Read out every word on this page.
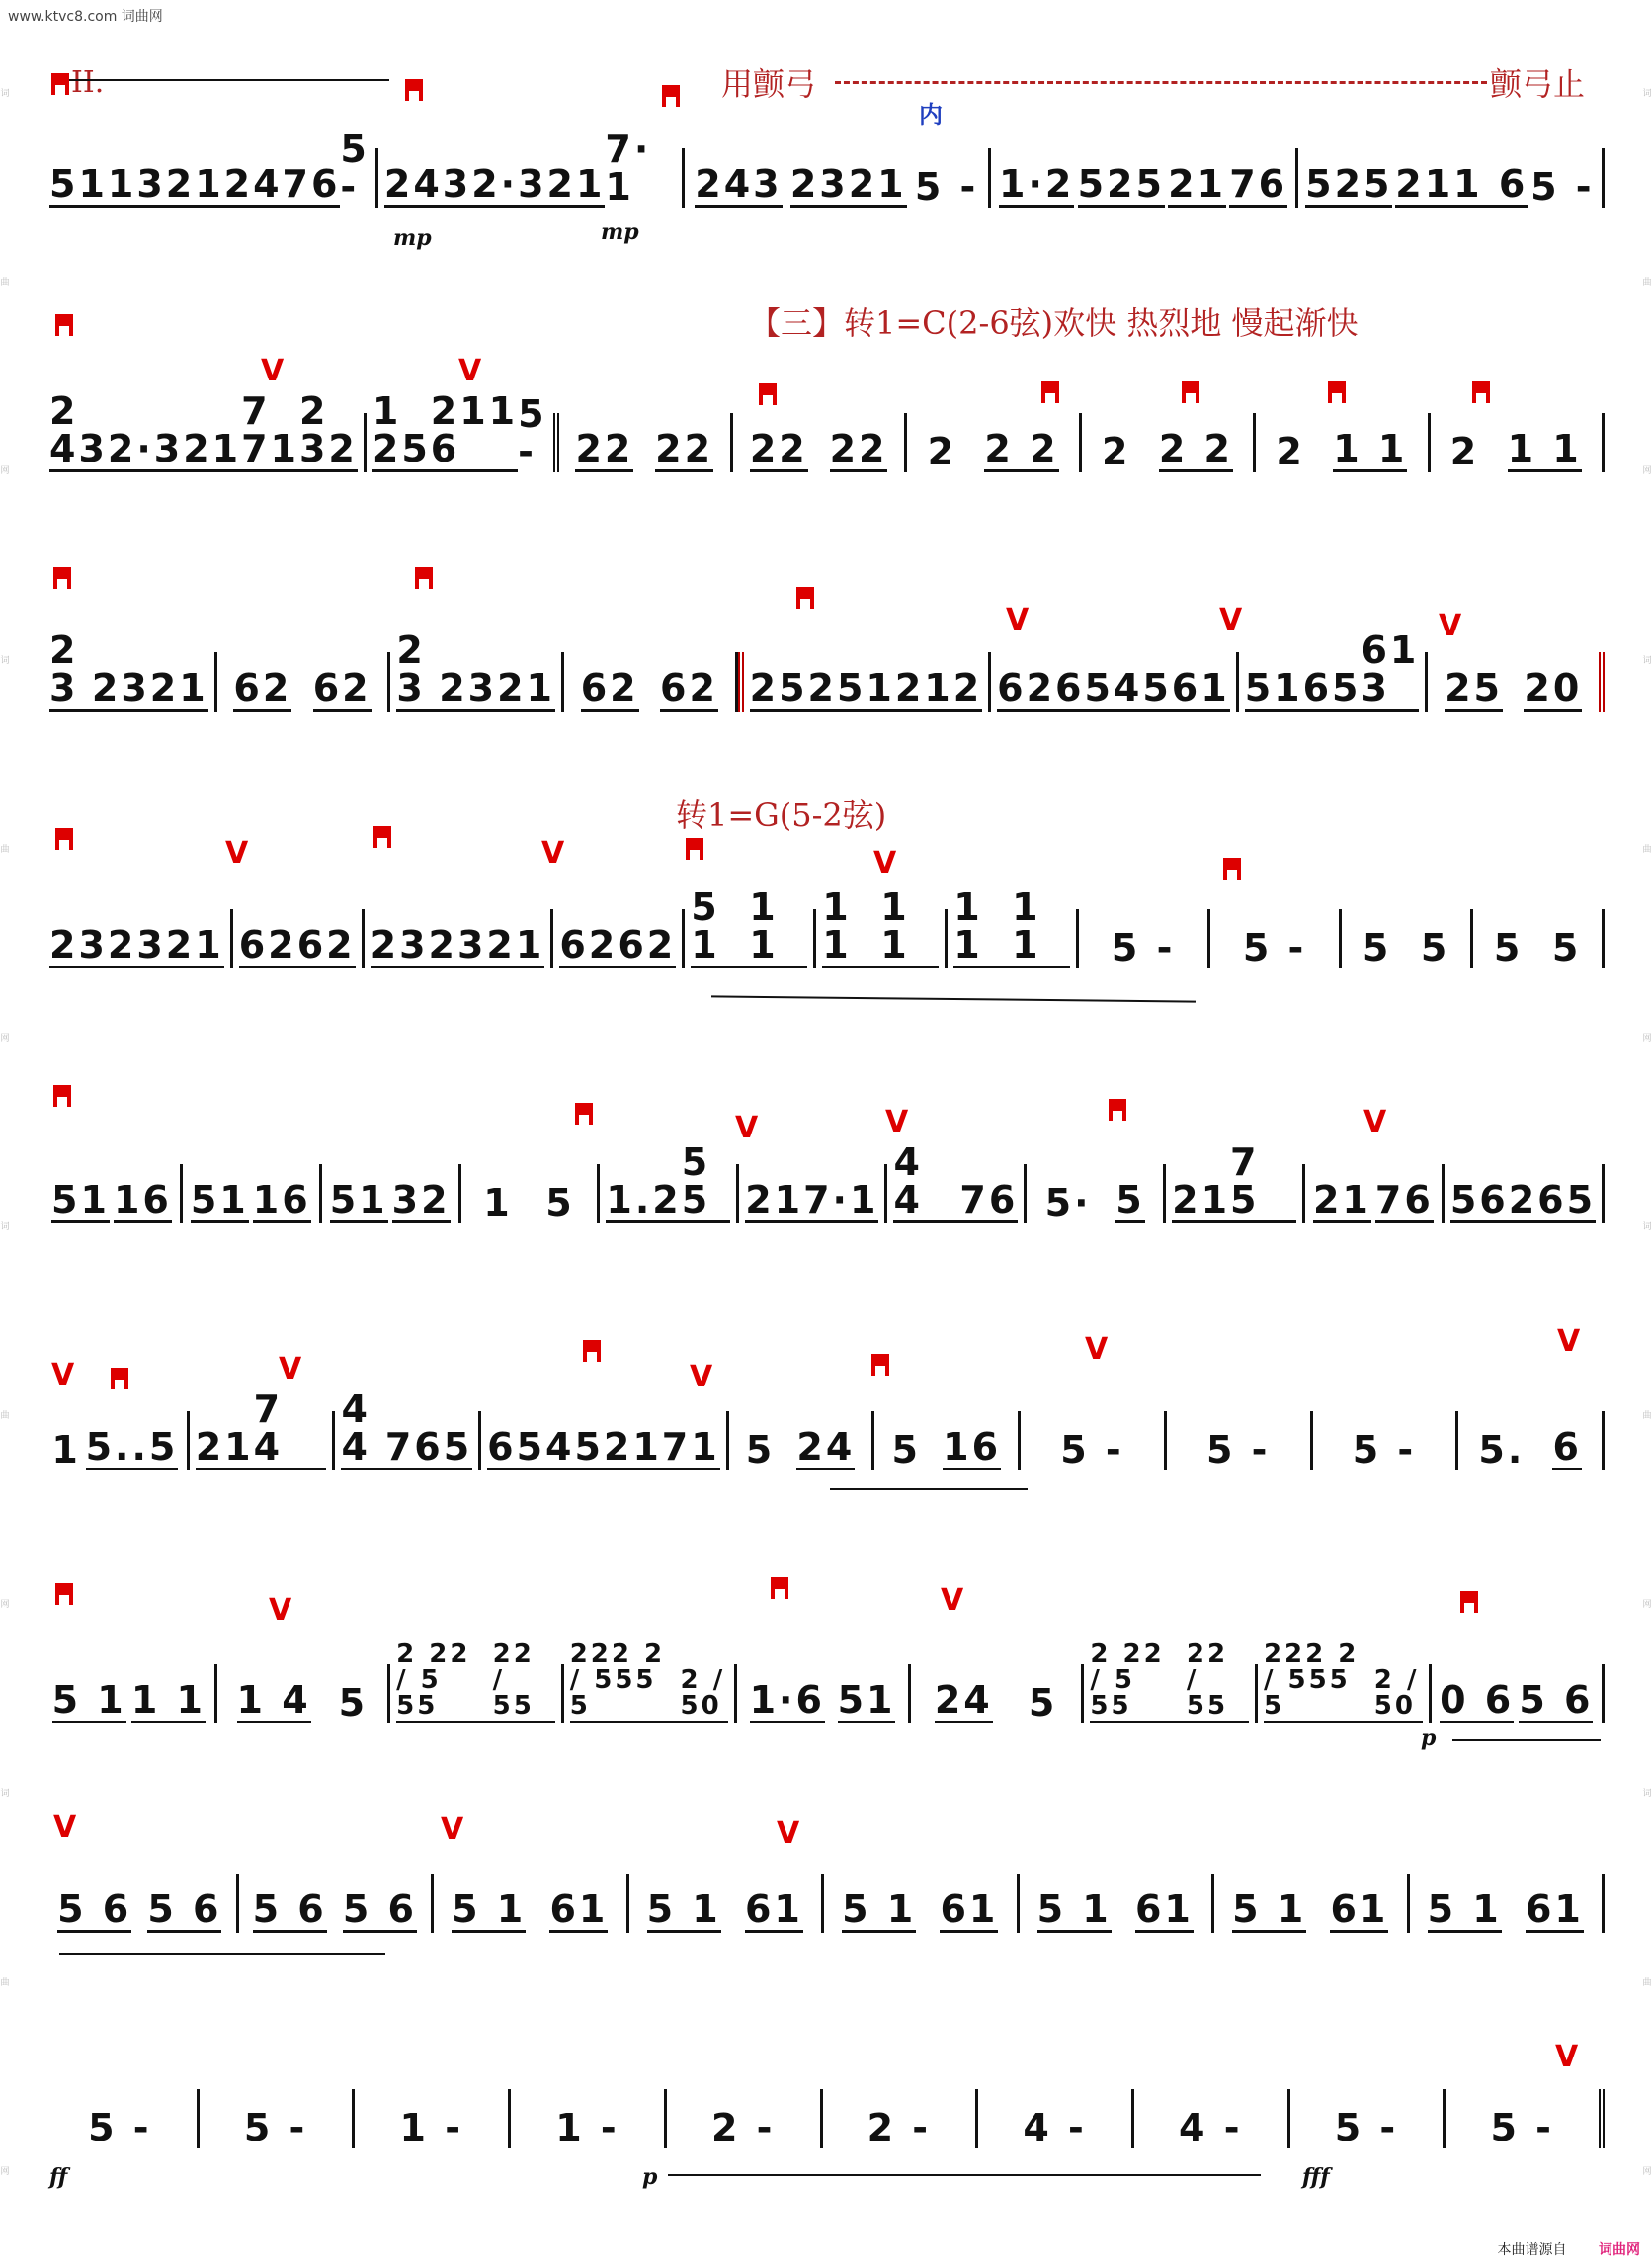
词
曲
网
词
曲
网
词
曲
网
词
曲
网
词
曲
网
词
曲
网
词
曲
网
词
曲
网
www.ktvc8.com 词曲网
II.	用颤弓	颤弓止
【三】转1=C(2-6弦)欢快 热烈地 慢起渐快
转1=G(5-2弦)
内
mp	mp
p
ff	p	fff
V	V
V	V	V
V	V	V
V	V	V
V	V	V
V	V
V	V
V	V	V
V
5113 212476
5 - 243 2·321
7· 1	243 2321 5 - 1·2 525 21 76 525 211 6 5 -
2 43 2·321
7 71
2 32
1 25
211 6
5 - 22 22 22 22 2 2 2 2 2 2 2 1 1 2 1 1
2 3 2321 62 62
2 3 2321 62 62 2525 1212 6265 4561 5165
61 3	25 20
23 2321 62 62 23 2321 62 62
5 1
1 1
1 1
1 1
1 1
1 1	5 - 5 - 5 5 5 5
51 16 51 16 51 32 1 5 1.2
5 5 21 7·1
4 4 76 5· 5 21
7 5	21 76 562 65
1 5..5 21
7 4
4 4 765 6545 2171 5 24 5 16 5 - 5 - 5 - 5. 6
5 1 1 1 1 4 5
2 22 / 5 55
22 / 55
222 2 / 555 5
2 / 50 1·6 51 24 5
2 22 / 5 55
22 / 55
222 2 / 555 5
2 / 50 0 6 5 6
5 6 5 6 5 6 5 6 5 1 61 5 1 61 5 1 61 5 1 61 5 1 61 5 1 61
5 - 5 - 1 - 1 - 2 - 2 - 4 - 4 - 5 - 5 -
本曲谱源自 词曲网
